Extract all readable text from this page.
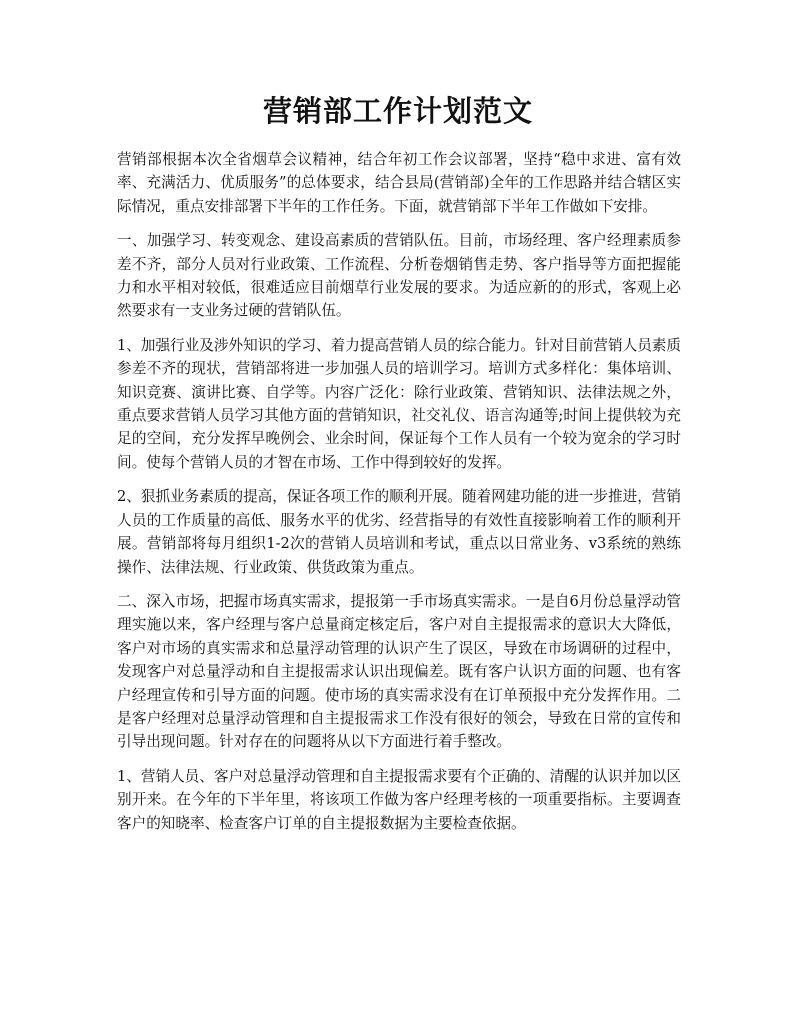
营销部工作计划范文

营销部根据本次全省烟草会议精神，结合年初工作会议部署，坚持“稳中求进、富有效率、充满活力、优质服务”的总体要求，结合县局(营销部)全年的工作思路并结合辖区实际情况，重点安排部署下半年的工作任务。下面，就营销部下半年工作做如下安排。

一、加强学习、转变观念、建设高素质的营销队伍。目前，市场经理、客户经理素质参差不齐，部分人员对行业政策、工作流程、分析卷烟销售走势、客户指导等方面把握能力和水平相对较低，很难适应目前烟草行业发展的要求。为适应新的的形式，客观上必然要求有一支业务过硬的营销队伍。

1、加强行业及涉外知识的学习、着力提高营销人员的综合能力。针对目前营销人员素质参差不齐的现状，营销部将进一步加强人员的培训学习。培训方式多样化：集体培训、知识竞赛、演讲比赛、自学等。内容广泛化：除行业政策、营销知识、法律法规之外，重点要求营销人员学习其他方面的营销知识，社交礼仪、语言沟通等;时间上提供较为充足的空间，充分发挥早晚例会、业余时间，保证每个工作人员有一个较为宽余的学习时间。使每个营销人员的才智在市场、工作中得到较好的发挥。

2、狠抓业务素质的提高，保证各项工作的顺利开展。随着网建功能的进一步推进，营销人员的工作质量的高低、服务水平的优劣、经营指导的有效性直接影响着工作的顺利开展。营销部将每月组织1-2次的营销人员培训和考试，重点以日常业务、v3系统的熟练操作、法律法规、行业政策、供货政策为重点。

二、深入市场，把握市场真实需求，提报第一手市场真实需求。一是自6月份总量浮动管理实施以来，客户经理与客户总量商定核定后，客户对自主提报需求的意识大大降低，客户对市场的真实需求和总量浮动管理的认识产生了误区，导致在市场调研的过程中，发现客户对总量浮动和自主提报需求认识出现偏差。既有客户认识方面的问题、也有客户经理宣传和引导方面的问题。使市场的真实需求没有在订单预报中充分发挥作用。二是客户经理对总量浮动管理和自主提报需求工作没有很好的领会，导致在日常的宣传和引导出现问题。针对存在的问题将从以下方面进行着手整改。

1、营销人员、客户对总量浮动管理和自主提报需求要有个正确的、清醒的认识并加以区别开来。在今年的下半年里，将该项工作做为客户经理考核的一项重要指标。主要调查客户的知晓率、检查客户订单的自主提报数据为主要检查依据。
